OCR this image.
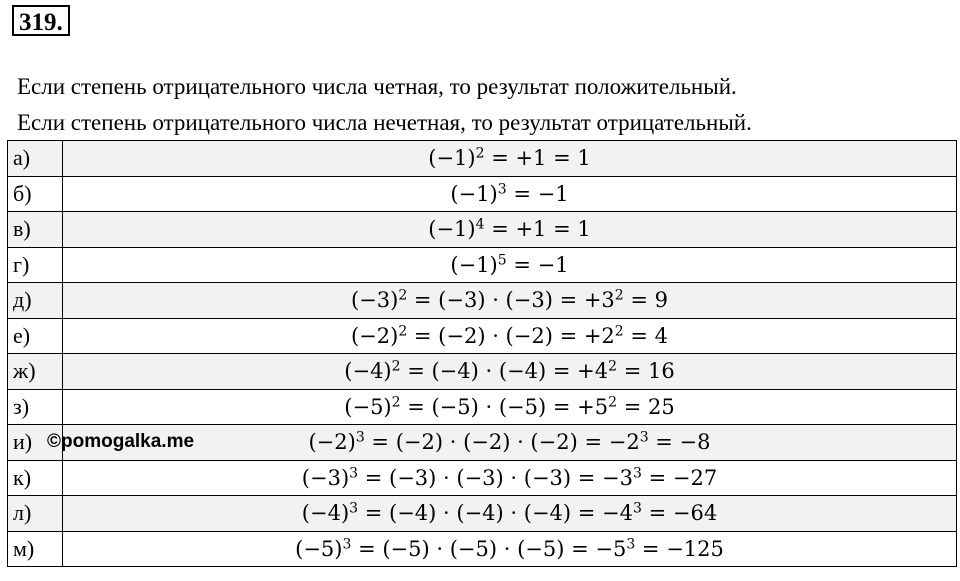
319.
Если степень отрицательного числа четная, то результат положительный.
Если степень отрицательного числа нечетная, то результат отрицательный.
а)	$(-1)^2 = +1 = 1$
б)	$(-1)^3 = -1$
в)	$(-1)^4 = +1 = 1$
г)	$(-1)^5 = -1$
д)	$(-3)^2 = (-3) \cdot (-3) = +3^2 = 9$
е)	$(-2)^2 = (-2) \cdot (-2) = +2^2 = 4$
ж)	$(-4)^2 = (-4) \cdot (-4) = +4^2 = 16$
з)	$(-5)^2 = (-5) \cdot (-5) = +5^2 = 25$
и) ©pomogalka.me	$(-2)^3 = (-2) \cdot (-2) \cdot (-2) = -2^3 = -8$
к)	$(-3)^3 = (-3) \cdot (-3) \cdot (-3) = -3^3 = -27$
л)	$(-4)^3 = (-4) \cdot (-4) \cdot (-4) = -4^3 = -64$
м)	$(-5)^3 = (-5) \cdot (-5) \cdot (-5) = -5^3 = -125$
